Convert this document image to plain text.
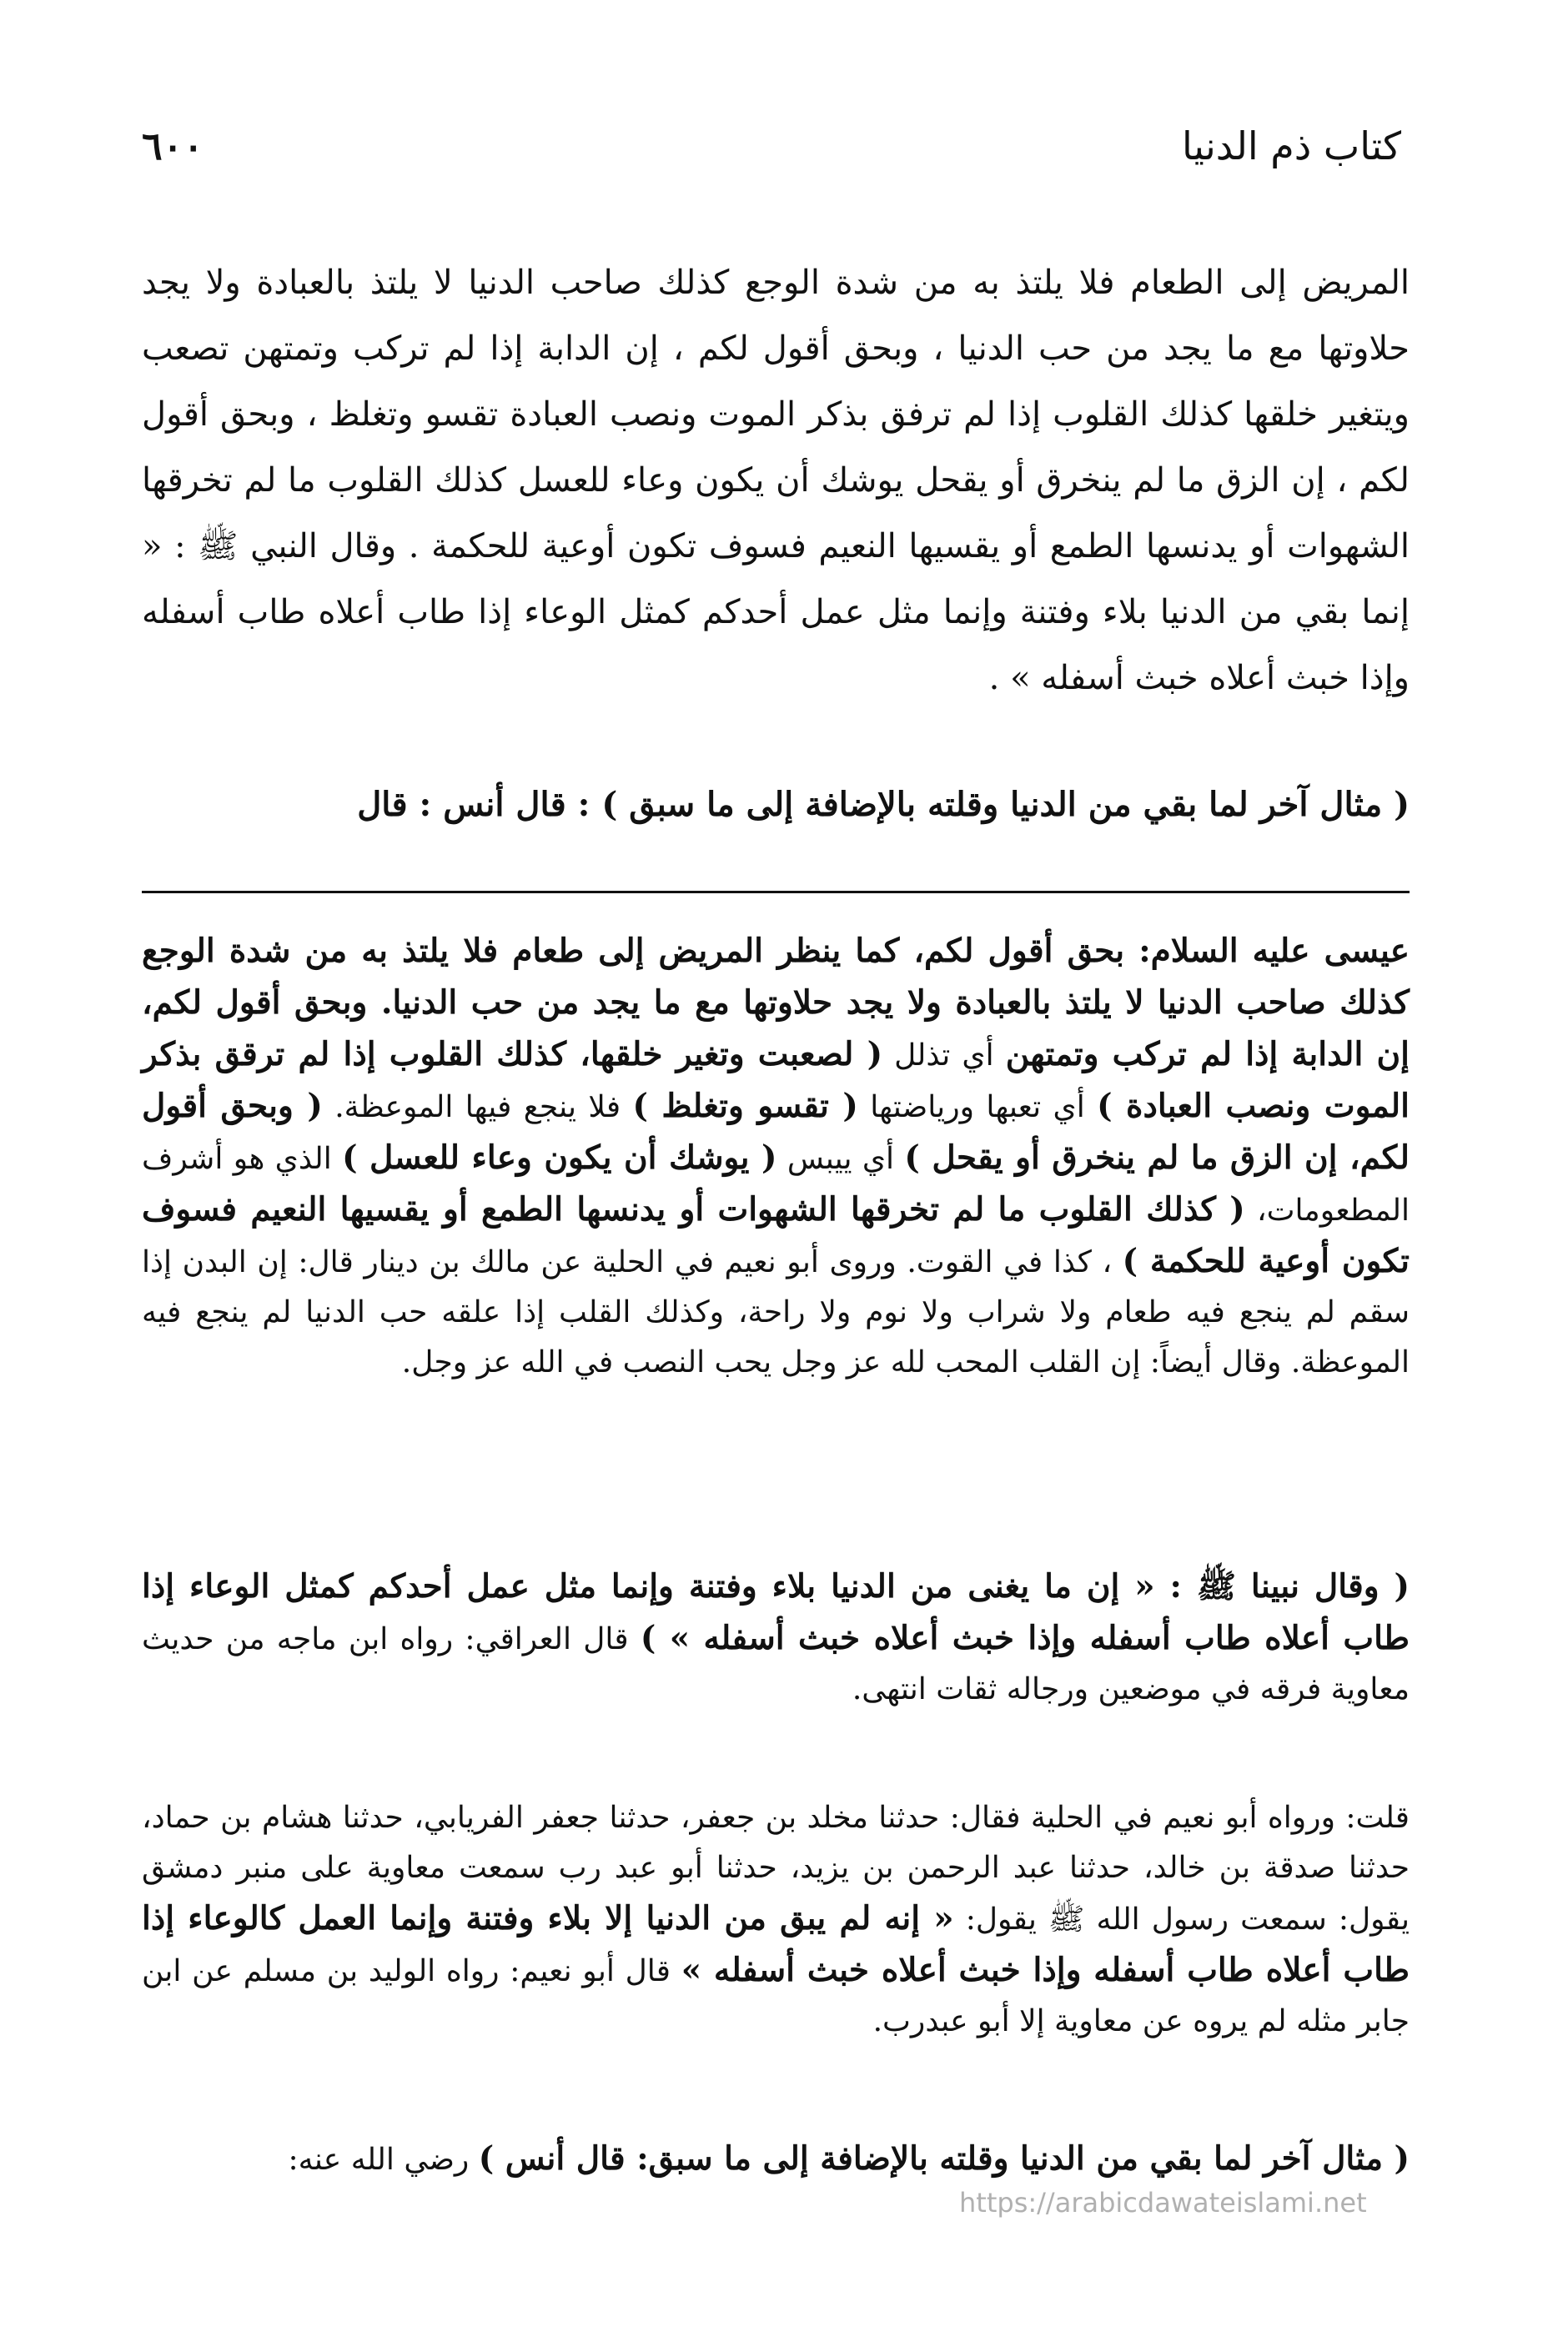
كتاب ذم الدنيا
٦٠٠

المريض إلى الطعام فلا يلتذ به من شدة الوجع كذلك صاحب الدنيا لا يلتذ بالعبادة ولا يجد حلاوتها مع ما يجد من حب الدنيا ، وبحق أقول لكم ، إن الدابة إذا لم تركب وتمتهن تصعب ويتغير خلقها كذلك القلوب إذا لم ترفق بذكر الموت ونصب العبادة تقسو وتغلظ ، وبحق أقول لكم ، إن الزق ما لم ينخرق أو يقحل يوشك أن يكون وعاء للعسل كذلك القلوب ما لم تخرقها الشهوات أو يدنسها الطمع أو يقسيها النعيم فسوف تكون أوعية للحكمة . وقال النبي ﷺ : « إنما بقي من الدنيا بلاء وفتنة وإنما مثل عمل أحدكم كمثل الوعاء إذا طاب أعلاه طاب أسفله وإذا خبث أعلاه خبث أسفله » .

( مثال آخر لما بقي من الدنيا وقلته بالإضافة إلى ما سبق ) : قال أنس : قال

عيسى عليه السلام: بحق أقول لكم، كما ينظر المريض إلى طعام فلا يلتذ به من شدة الوجع كذلك صاحب الدنيا لا يلتذ بالعبادة ولا يجد حلاوتها مع ما يجد من حب الدنيا. وبحق أقول لكم، إن الدابة إذا لم تركب وتمتهن أي تذلل ( لصعبت وتغير خلقها، كذلك القلوب إذا لم ترقق بذكر الموت ونصب العبادة ) أي تعبها ورياضتها ( تقسو وتغلظ ) فلا ينجع فيها الموعظة. ( وبحق أقول لكم، إن الزق ما لم ينخرق أو يقحل ) أي ييبس ( يوشك أن يكون وعاء للعسل ) الذي هو أشرف المطعومات، ( كذلك القلوب ما لم تخرقها الشهوات أو يدنسها الطمع أو يقسيها النعيم فسوف تكون أوعية للحكمة ) ، كذا في القوت. وروى أبو نعيم في الحلية عن مالك بن دينار قال: إن البدن إذا سقم لم ينجع فيه طعام ولا شراب ولا نوم ولا راحة، وكذلك القلب إذا علقه حب الدنيا لم ينجع فيه الموعظة. وقال أيضاً: إن القلب المحب لله عز وجل يحب النصب في الله عز وجل.

( وقال نبينا ﷺ : « إن ما يغنى من الدنيا بلاء وفتنة وإنما مثل عمل أحدكم كمثل الوعاء إذا طاب أعلاه طاب أسفله وإذا خبث أعلاه خبث أسفله » ) قال العراقي: رواه ابن ماجه من حديث معاوية فرقه في موضعين ورجاله ثقات انتهى.

قلت: ورواه أبو نعيم في الحلية فقال: حدثنا مخلد بن جعفر، حدثنا جعفر الفريابي، حدثنا هشام بن حماد، حدثنا صدقة بن خالد، حدثنا عبد الرحمن بن يزيد، حدثنا أبو عبد رب سمعت معاوية على منبر دمشق يقول: سمعت رسول الله ﷺ يقول: « إنه لم يبق من الدنيا إلا بلاء وفتنة وإنما العمل كالوعاء إذا طاب أعلاه طاب أسفله وإذا خبث أعلاه خبث أسفله » قال أبو نعيم: رواه الوليد بن مسلم عن ابن جابر مثله لم يروه عن معاوية إلا أبو عبدرب.

( مثال آخر لما بقي من الدنيا وقلته بالإضافة إلى ما سبق: قال أنس ) رضي الله عنه:

https://arabicdawateislami.net
